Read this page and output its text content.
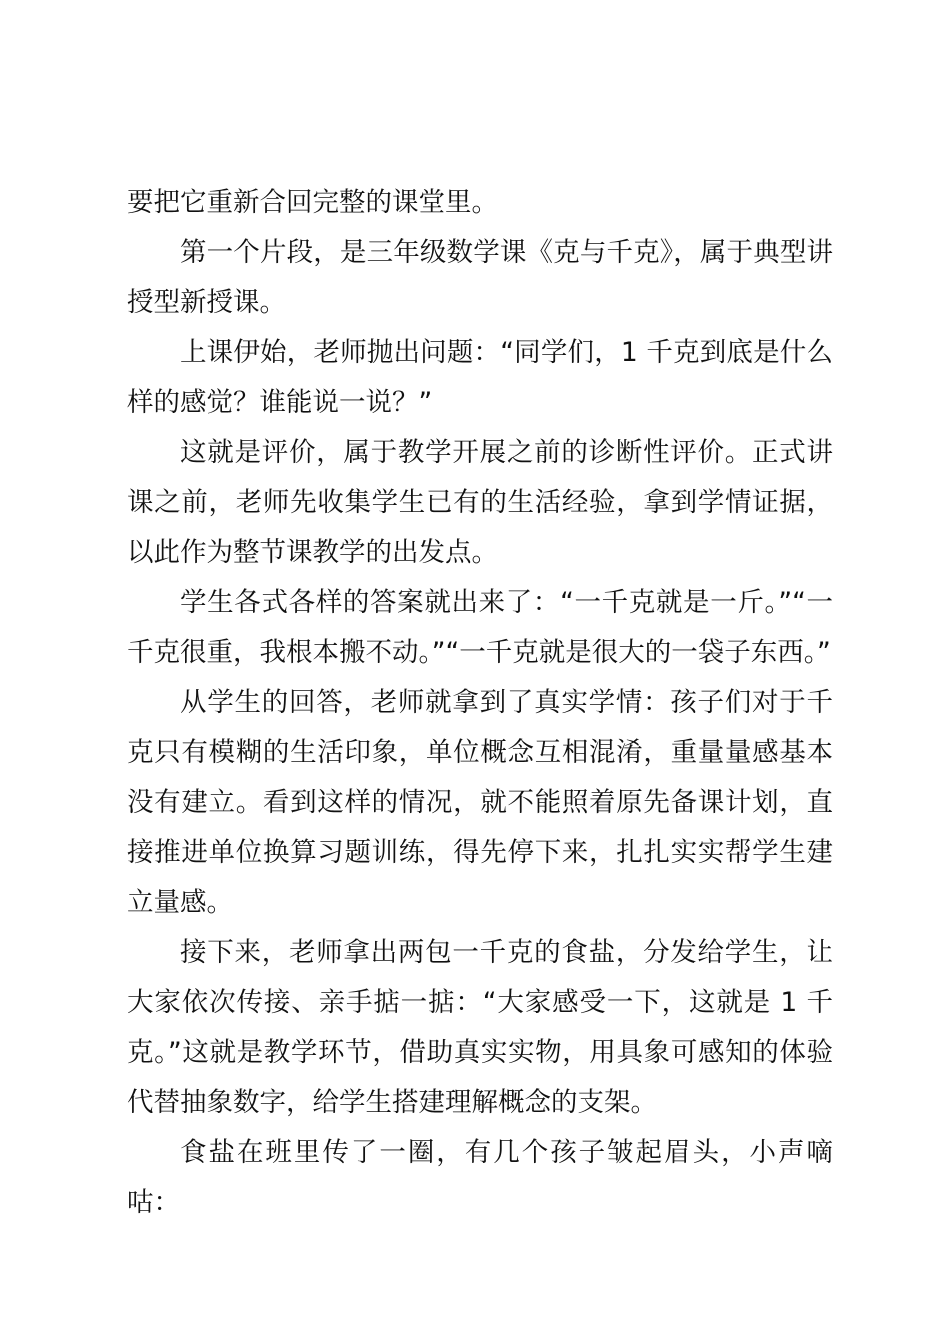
要把它重新合回完整的课堂里。

第一个片段，是三年级数学课《克与千克》，属于典型讲授型新授课。

上课伊始，老师抛出问题：“同学们，1 千克到底是什么样的感觉？谁能说一说？”

这就是评价，属于教学开展之前的诊断性评价。正式讲课之前，老师先收集学生已有的生活经验，拿到学情证据，以此作为整节课教学的出发点。

学生各式各样的答案就出来了：“一千克就是一斤。”“一千克很重，我根本搬不动。”“一千克就是很大的一袋子东西。”

从学生的回答，老师就拿到了真实学情：孩子们对于千克只有模糊的生活印象，单位概念互相混淆，重量量感基本没有建立。看到这样的情况，就不能照着原先备课计划，直接推进单位换算习题训练，得先停下来，扎扎实实帮学生建立量感。

接下来，老师拿出两包一千克的食盐，分发给学生，让大家依次传接、亲手掂一掂：“大家感受一下，这就是 1 千克。”这就是教学环节，借助真实实物，用具象可感知的体验代替抽象数字，给学生搭建理解概念的支架。

食盐在班里传了一圈，有几个孩子皱起眉头，小声嘀咕：
